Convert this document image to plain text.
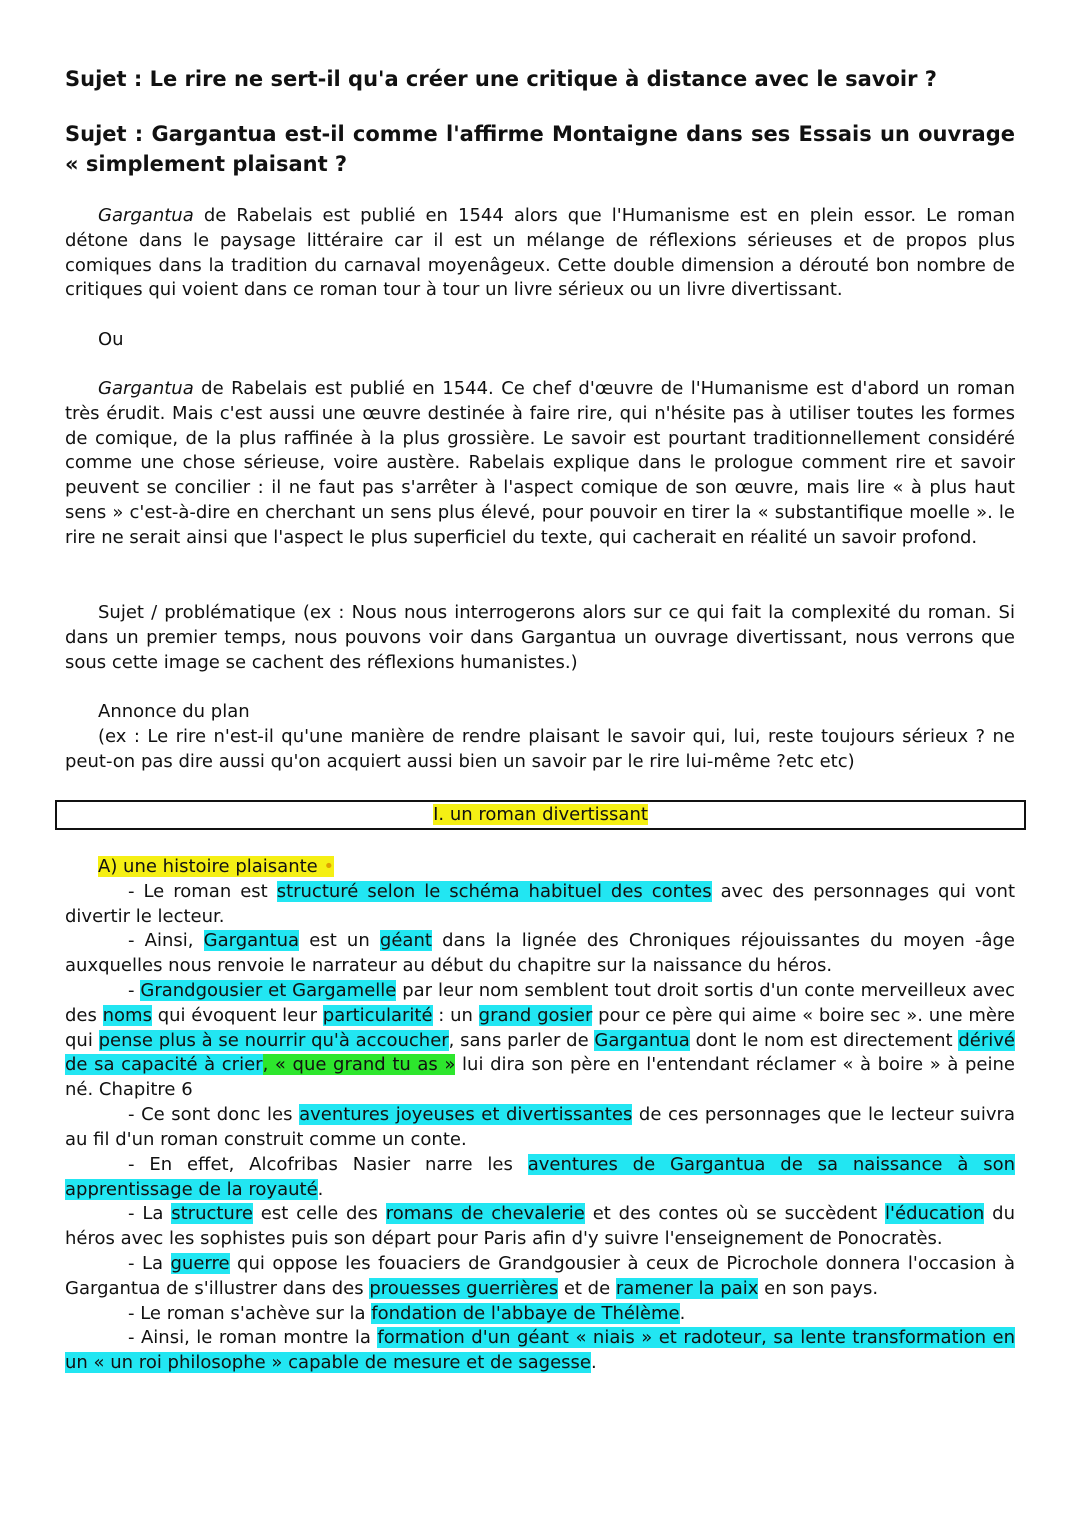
Sujet : Le rire ne sert-il qu'a créer une critique à distance avec le savoir ?
Sujet : Gargantua est-il comme l'affirme Montaigne dans ses Essais un ouvrage « simplement plaisant ?
Gargantua de Rabelais est publié en 1544 alors que l'Humanisme est en plein essor. Le roman détone dans le paysage littéraire car il est un mélange de réflexions sérieuses et de propos plus comiques dans la tradition du carnaval moyenâgeux. Cette double dimension a dérouté bon nombre de critiques qui voient dans ce roman tour à tour un livre sérieux ou un livre divertissant.
Ou
Gargantua de Rabelais est publié en 1544. Ce chef d'œuvre de l'Humanisme est d'abord un roman très érudit. Mais c'est aussi une œuvre destinée à faire rire, qui n'hésite pas à utiliser toutes les formes de comique, de la plus raffinée à la plus grossière. Le savoir est pourtant traditionnellement considéré comme une chose sérieuse, voire austère. Rabelais explique dans le prologue comment rire et savoir peuvent se concilier : il ne faut pas s'arrêter à l'aspect comique de son œuvre, mais lire « à plus haut sens » c'est-à-dire en cherchant un sens plus élevé, pour pouvoir en tirer la « substantifique moelle ». le rire ne serait ainsi que l'aspect le plus superficiel du texte, qui cacherait en réalité un savoir profond.
Sujet / problématique (ex : Nous nous interrogerons alors sur ce qui fait la complexité du roman. Si dans un premier temps, nous pouvons voir dans Gargantua un ouvrage divertissant, nous verrons que sous cette image se cachent des réflexions humanistes.)
Annonce du plan
(ex : Le rire n'est-il qu'une manière de rendre plaisant le savoir qui, lui, reste toujours sérieux ? ne peut-on pas dire aussi qu'on acquiert aussi bien un savoir par le rire lui-même ?etc etc)
I. un roman divertissant
A) une histoire plaisante •
- Le roman est structuré selon le schéma habituel des contes avec des personnages qui vont divertir le lecteur.
- Ainsi, Gargantua est un géant dans la lignée des Chroniques réjouissantes du moyen -âge auxquelles nous renvoie le narrateur au début du chapitre sur la naissance du héros.
- Grandgousier et Gargamelle par leur nom semblent tout droit sortis d'un conte merveilleux avec des noms qui évoquent leur particularité : un grand gosier pour ce père qui aime « boire sec ». une mère qui pense plus à se nourrir qu'à accoucher, sans parler de Gargantua dont le nom est directement dérivé de sa capacité à crier, « que grand tu as » lui dira son père en l'entendant réclamer « à boire » à peine né. Chapitre 6
- Ce sont donc les aventures joyeuses et divertissantes de ces personnages que le lecteur suivra au fil d'un roman construit comme un conte.
- En effet, Alcofribas Nasier narre les aventures de Gargantua de sa naissance à son apprentissage de la royauté.
- La structure est celle des romans de chevalerie et des contes où se succèdent l'éducation du héros avec les sophistes puis son départ pour Paris afin d'y suivre l'enseignement de Ponocratès.
- La guerre qui oppose les fouaciers de Grandgousier à ceux de Picrochole donnera l'occasion à Gargantua de s'illustrer dans des prouesses guerrières et de ramener la paix en son pays.
- Le roman s'achève sur la fondation de l'abbaye de Thélème.
- Ainsi, le roman montre la formation d'un géant « niais » et radoteur, sa lente transformation en un « un roi philosophe » capable de mesure et de sagesse.
